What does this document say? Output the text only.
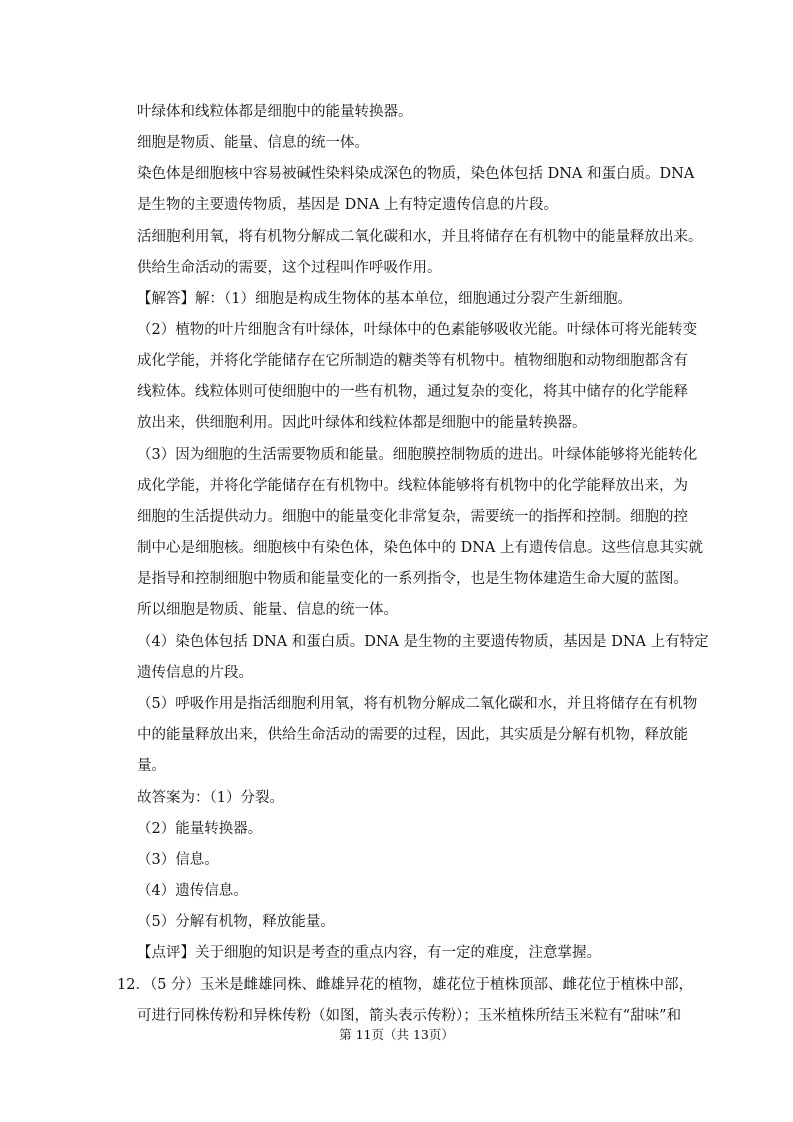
叶绿体和线粒体都是细胞中的能量转换器。
细胞是物质、能量、信息的统一体。
染色体是细胞核中容易被碱性染料染成深色的物质，染色体包括 DNA 和蛋白质。DNA
是生物的主要遗传物质，基因是 DNA 上有特定遗传信息的片段。
活细胞利用氧，将有机物分解成二氧化碳和水，并且将储存在有机物中的能量释放出来。
供给生命活动的需要，这个过程叫作呼吸作用。
【解答】解：（1）细胞是构成生物体的基本单位，细胞通过分裂产生新细胞。
（2）植物的叶片细胞含有叶绿体，叶绿体中的色素能够吸收光能。叶绿体可将光能转变
成化学能，并将化学能储存在它所制造的糖类等有机物中。植物细胞和动物细胞都含有
线粒体。线粒体则可使细胞中的一些有机物，通过复杂的变化，将其中储存的化学能释
放出来，供细胞利用。因此叶绿体和线粒体都是细胞中的能量转换器。
（3）因为细胞的生活需要物质和能量。细胞膜控制物质的进出。叶绿体能够将光能转化
成化学能，并将化学能储存在有机物中。线粒体能够将有机物中的化学能释放出来，为
细胞的生活提供动力。细胞中的能量变化非常复杂，需要统一的指挥和控制。细胞的控
制中心是细胞核。细胞核中有染色体，染色体中的 DNA 上有遗传信息。这些信息其实就
是指导和控制细胞中物质和能量变化的一系列指令，也是生物体建造生命大厦的蓝图。
所以细胞是物质、能量、信息的统一体。
（4）染色体包括 DNA 和蛋白质。DNA 是生物的主要遗传物质，基因是 DNA 上有特定
遗传信息的片段。
（5）呼吸作用是指活细胞利用氧，将有机物分解成二氧化碳和水，并且将储存在有机物
中的能量释放出来，供给生命活动的需要的过程，因此，其实质是分解有机物，释放能
量。
故答案为：（1）分裂。
（2）能量转换器。
（3）信息。
（4）遗传信息。
（5）分解有机物，释放能量。
【点评】关于细胞的知识是考查的重点内容，有一定的难度，注意掌握。
12．（5 分）玉米是雌雄同株、雌雄异花的植物，雄花位于植株顶部、雌花位于植株中部，
可进行同株传粉和异株传粉（如图，箭头表示传粉）；玉米植株所结玉米粒有“甜味”和
第 11页（共 13页）
